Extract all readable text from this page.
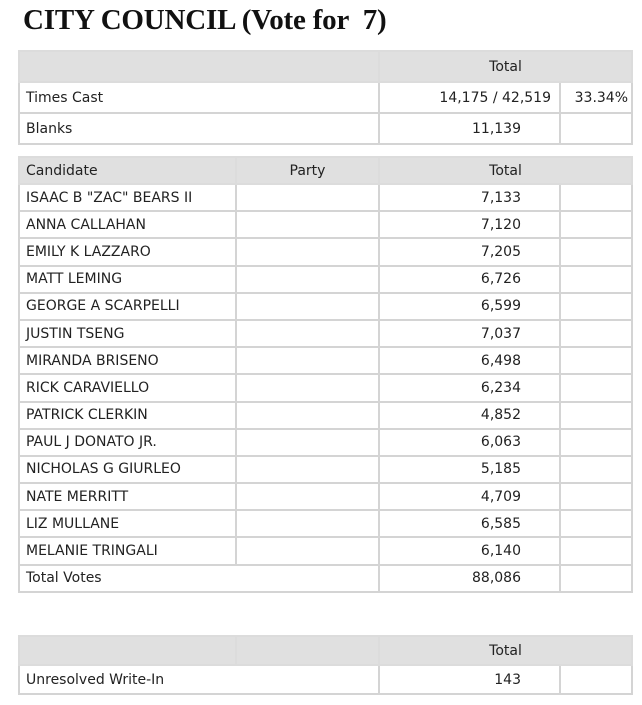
CITY COUNCIL (Vote for  7)
	Total	
Times Cast	14,175 / 42,519	33.34%
Blanks	11,139	
Candidate	Party	Total	
ISAAC B "ZAC" BEARS II		7,133	
ANNA CALLAHAN		7,120	
EMILY K LAZZARO		7,205	
MATT LEMING		6,726	
GEORGE A SCARPELLI		6,599	
JUSTIN TSENG		7,037	
MIRANDA BRISENO		6,498	
RICK CARAVIELLO		6,234	
PATRICK CLERKIN		4,852	
PAUL J DONATO JR.		6,063	
NICHOLAS G GIURLEO		5,185	
NATE MERRITT		4,709	
LIZ MULLANE		6,585	
MELANIE TRINGALI		6,140	
Total Votes		88,086	
		Total	
Unresolved Write-In		143	
